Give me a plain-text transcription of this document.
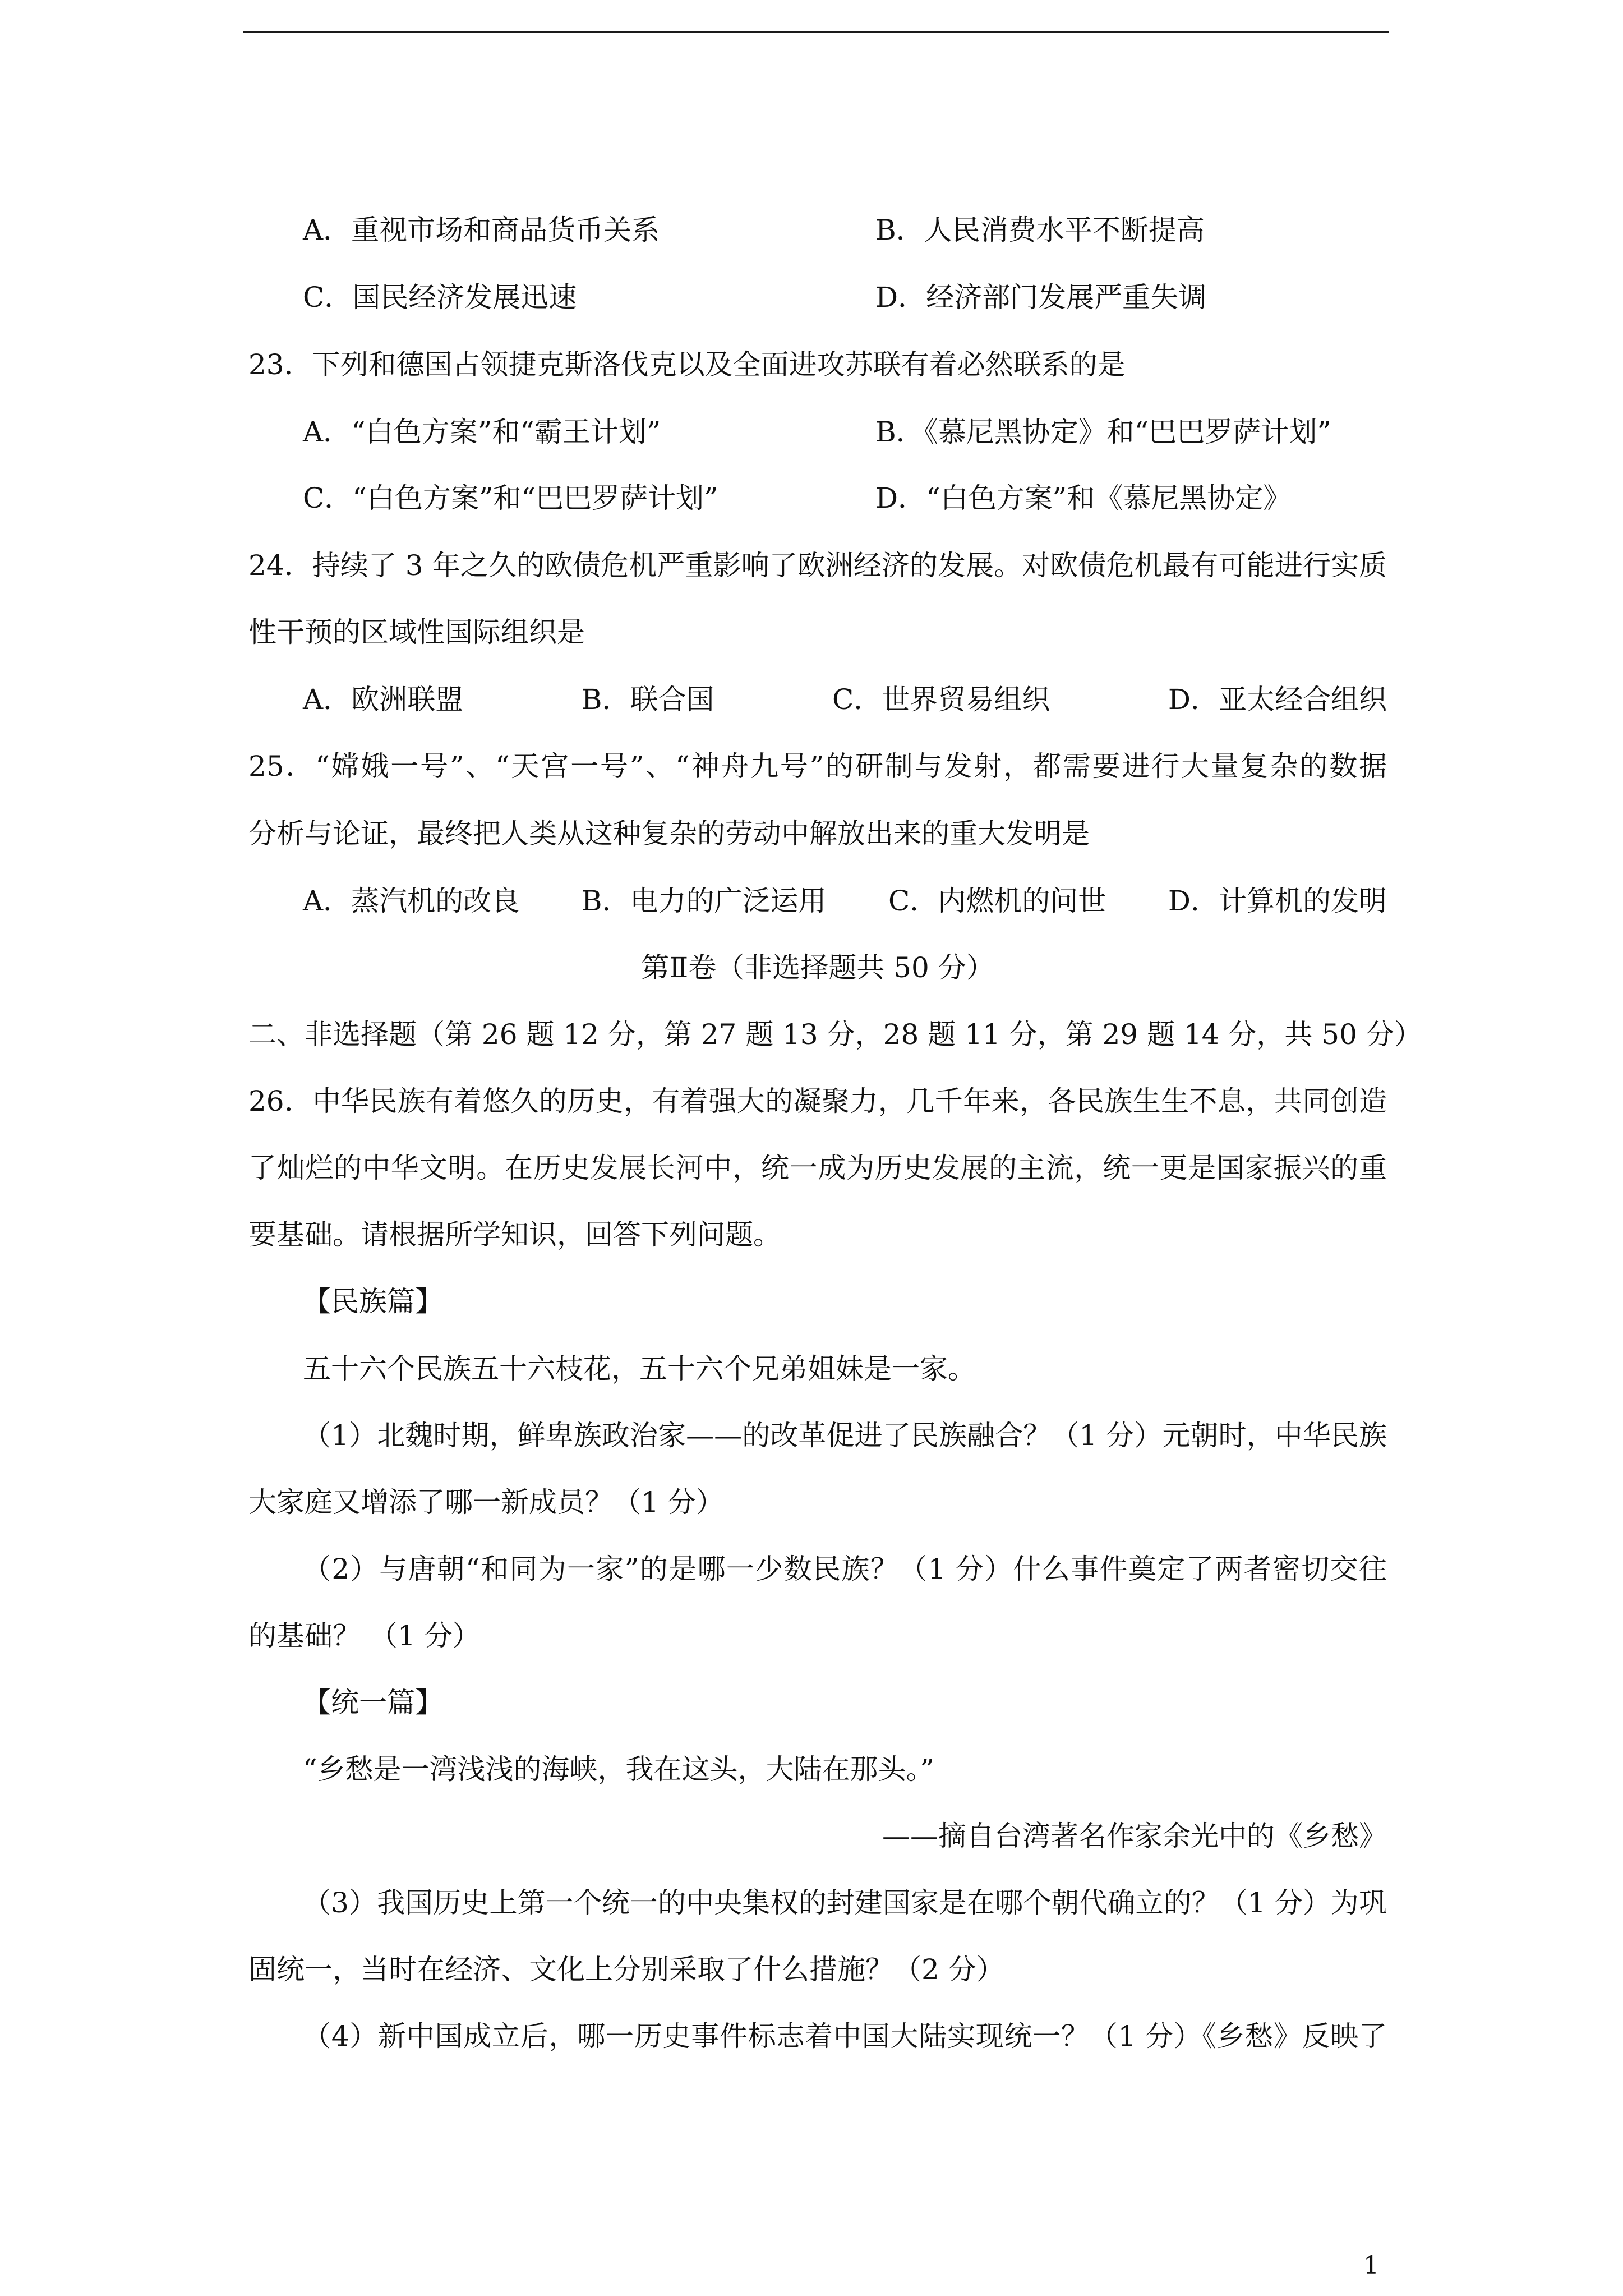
A．重视市场和商品货币关系	B．人民消费水平不断提高
C．国民经济发展迅速	D．经济部门发展严重失调
23．下列和德国占领捷克斯洛伐克以及全面进攻苏联有着必然联系的是
A．“白色方案”和“霸王计划”	B．《慕尼黑协定》和“巴巴罗萨计划”
C．“白色方案”和“巴巴罗萨计划”	D．“白色方案”和《慕尼黑协定》
24．持续了 3 年之久的欧债危机严重影响了欧洲经济的发展。对欧债危机最有可能进行实质
性干预的区域性国际组织是
A．欧洲联盟	B．联合国	C．世界贸易组织	D．亚太经合组织
25．“嫦娥一号”、“天宫一号”、“神舟九号”的研制与发射，都需要进行大量复杂的数据
分析与论证，最终把人类从这种复杂的劳动中解放出来的重大发明是
A．蒸汽机的改良 B．电力的广泛运用 C．内燃机的问世 D．计算机的发明
第Ⅱ卷（非选择题共 50 分）
二、非选择题（第 26 题 12 分，第 27 题 13 分，28 题 11 分，第 29 题 14 分，共 50 分）
26．中华民族有着悠久的历史，有着强大的凝聚力，几千年来，各民族生生不息，共同创造
了灿烂的中华文明。在历史发展长河中，统一成为历史发展的主流，统一更是国家振兴的重
要基础。请根据所学知识，回答下列问题。
【民族篇】
五十六个民族五十六枝花，五十六个兄弟姐妹是一家。
（1）北魏时期，鲜卑族政治家——的改革促进了民族融合？（1 分）元朝时，中华民族
大家庭又增添了哪一新成员？（1 分）
（2）与唐朝“和同为一家”的是哪一少数民族？（1 分）什么事件奠定了两者密切交往
的基础？ （1 分）
【统一篇】
“乡愁是一湾浅浅的海峡，我在这头，大陆在那头。”
——摘自台湾著名作家余光中的《乡愁》
（3）我国历史上第一个统一的中央集权的封建国家是在哪个朝代确立的？（1 分）为巩
固统一，当时在经济、文化上分别采取了什么措施？（2 分）
（4）新中国成立后，哪一历史事件标志着中国大陆实现统一？（1 分）《乡愁》反映了
1
